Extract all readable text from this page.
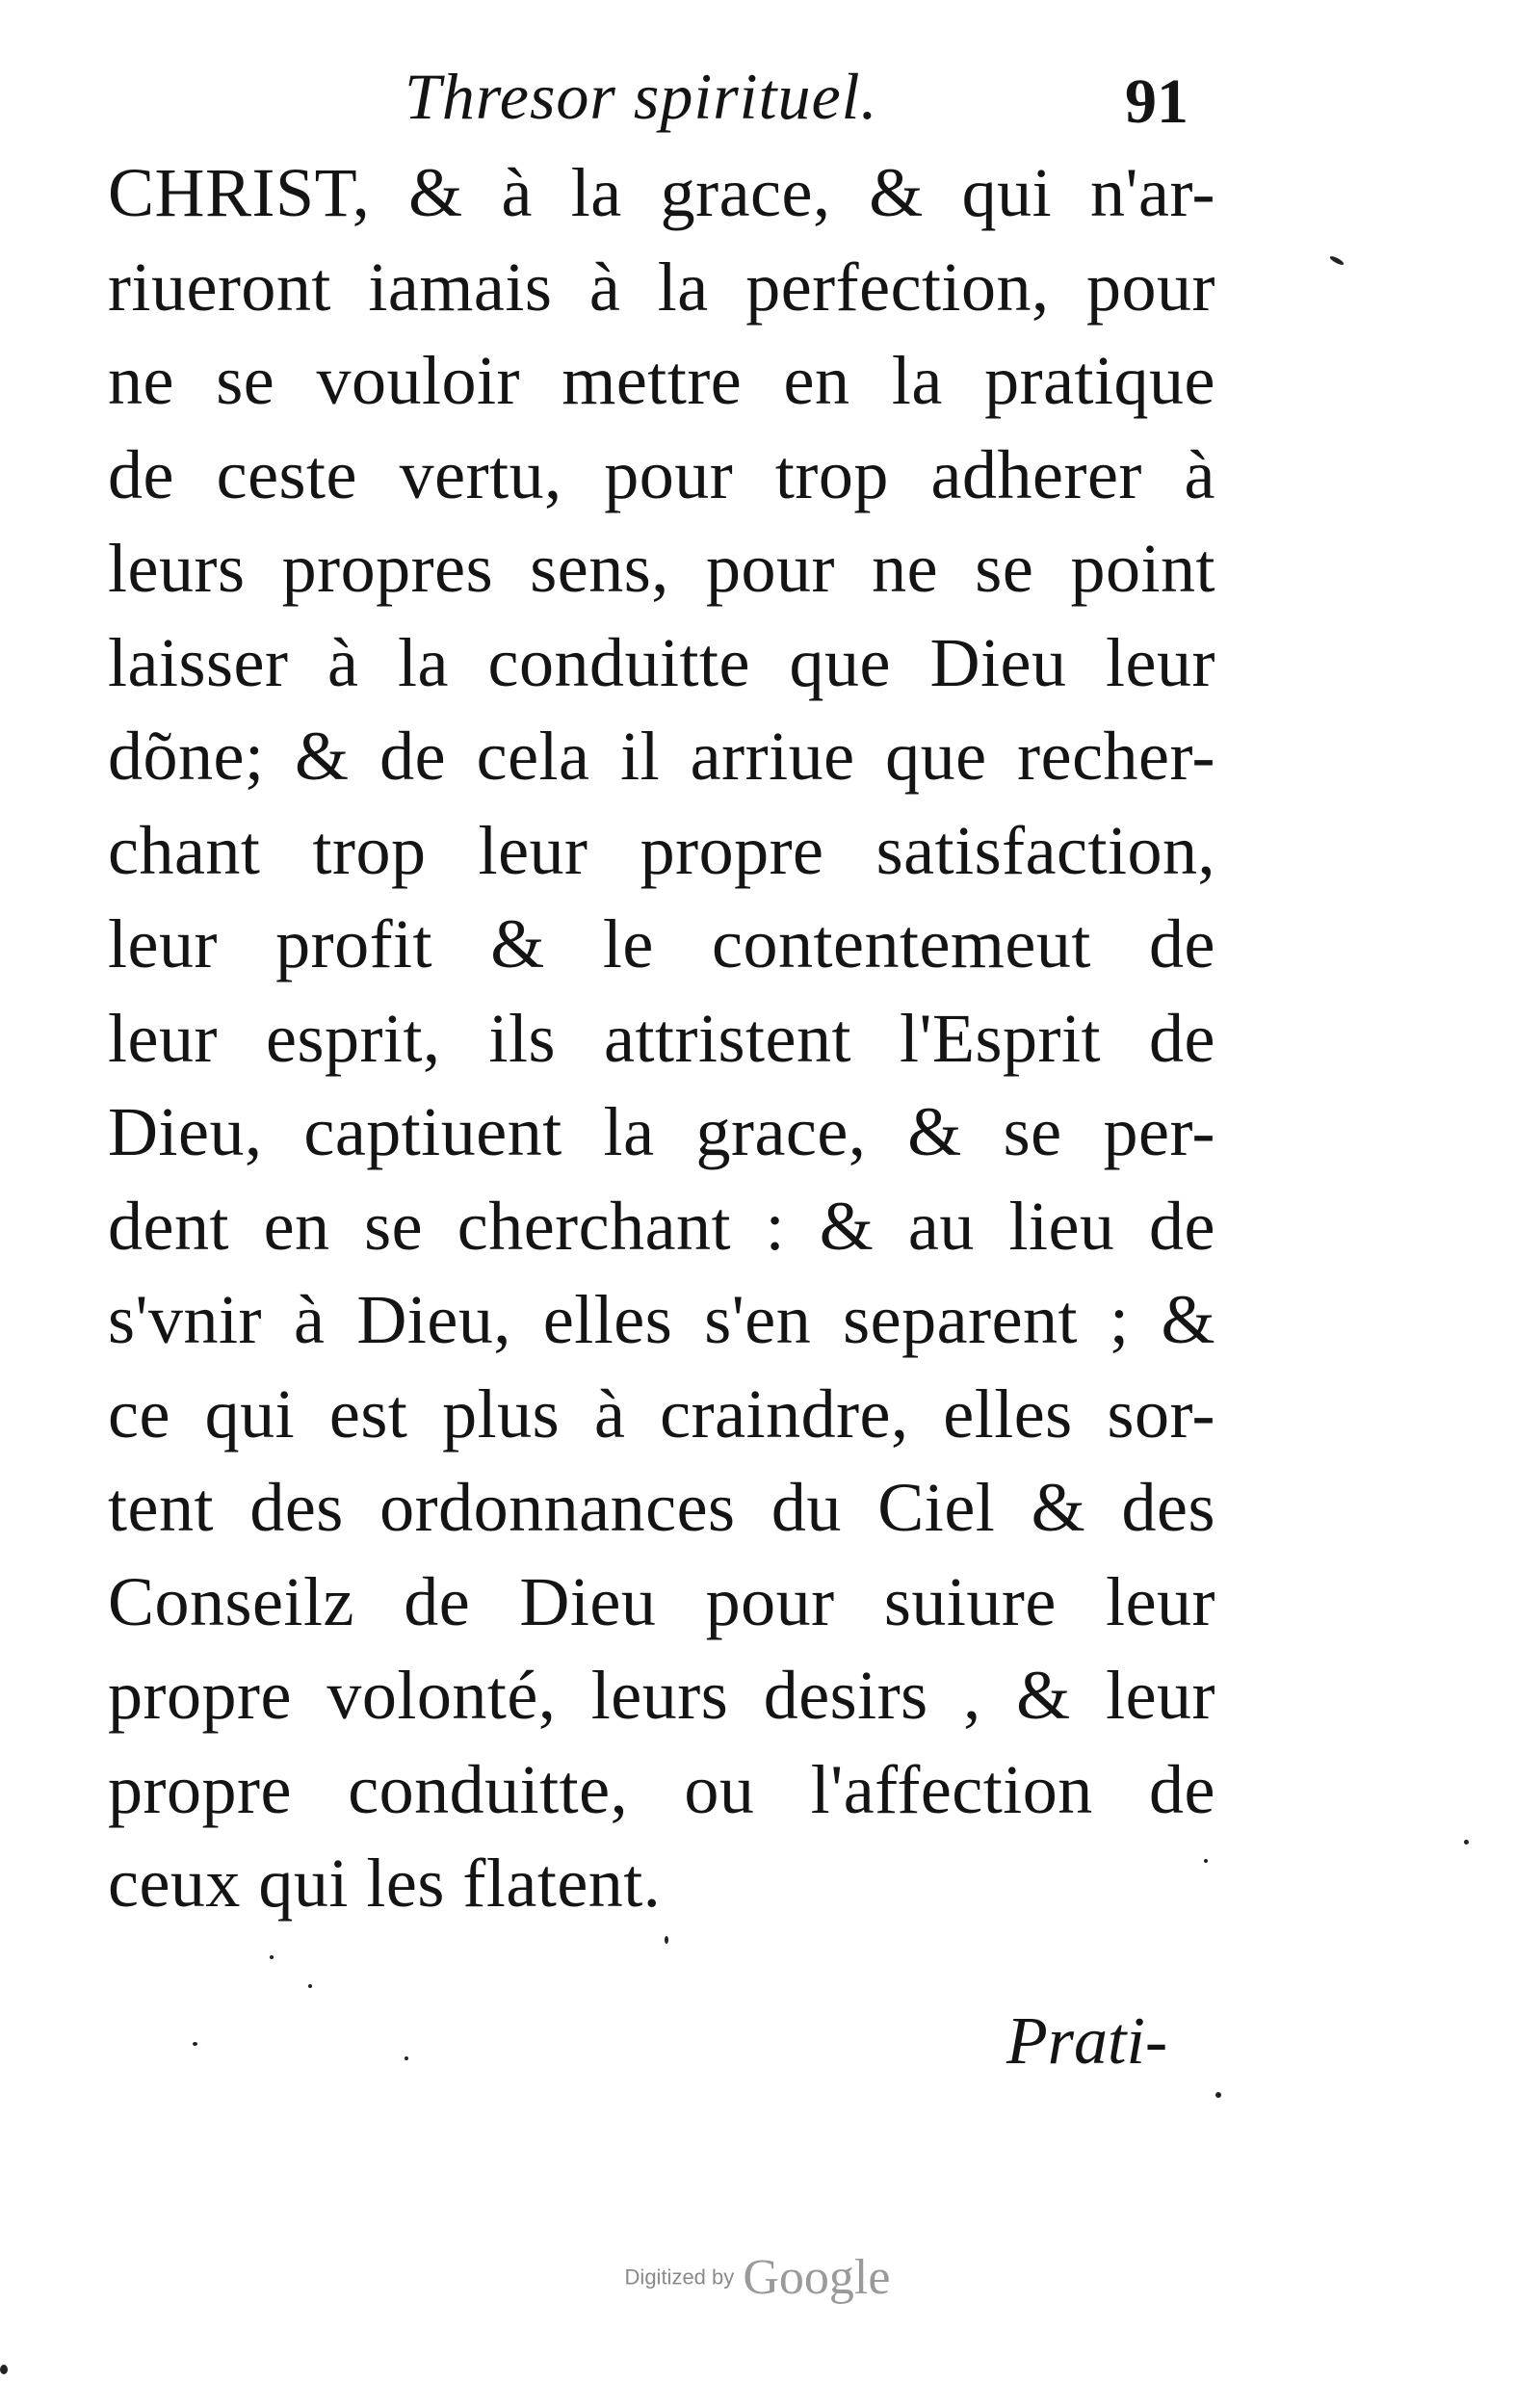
Thresor spirituel.	91
CHRIST, & à la grace, & qui n'ar-
riueront iamais à la perfection, pour
ne se vouloir mettre en la pratique
de ceste vertu, pour trop adherer à
leurs propres sens, pour ne se point
laisser à la conduitte que Dieu leur
dõne; & de cela il arriue que recher-
chant trop leur propre satisfaction,
leur profit & le contentemeut de
leur esprit, ils attristent l'Esprit de
Dieu, captiuent la grace, & se per-
dent en se cherchant : & au lieu de
s'vnir à Dieu, elles s'en separent ; &
ce qui est plus à craindre, elles sor-
tent des ordonnances du Ciel & des
Conseilz de Dieu pour suiure leur
propre volonté, leurs desirs , & leur
propre conduitte, ou l'affection de
ceux qui les flatent.
Prati-
Digitized by Google
